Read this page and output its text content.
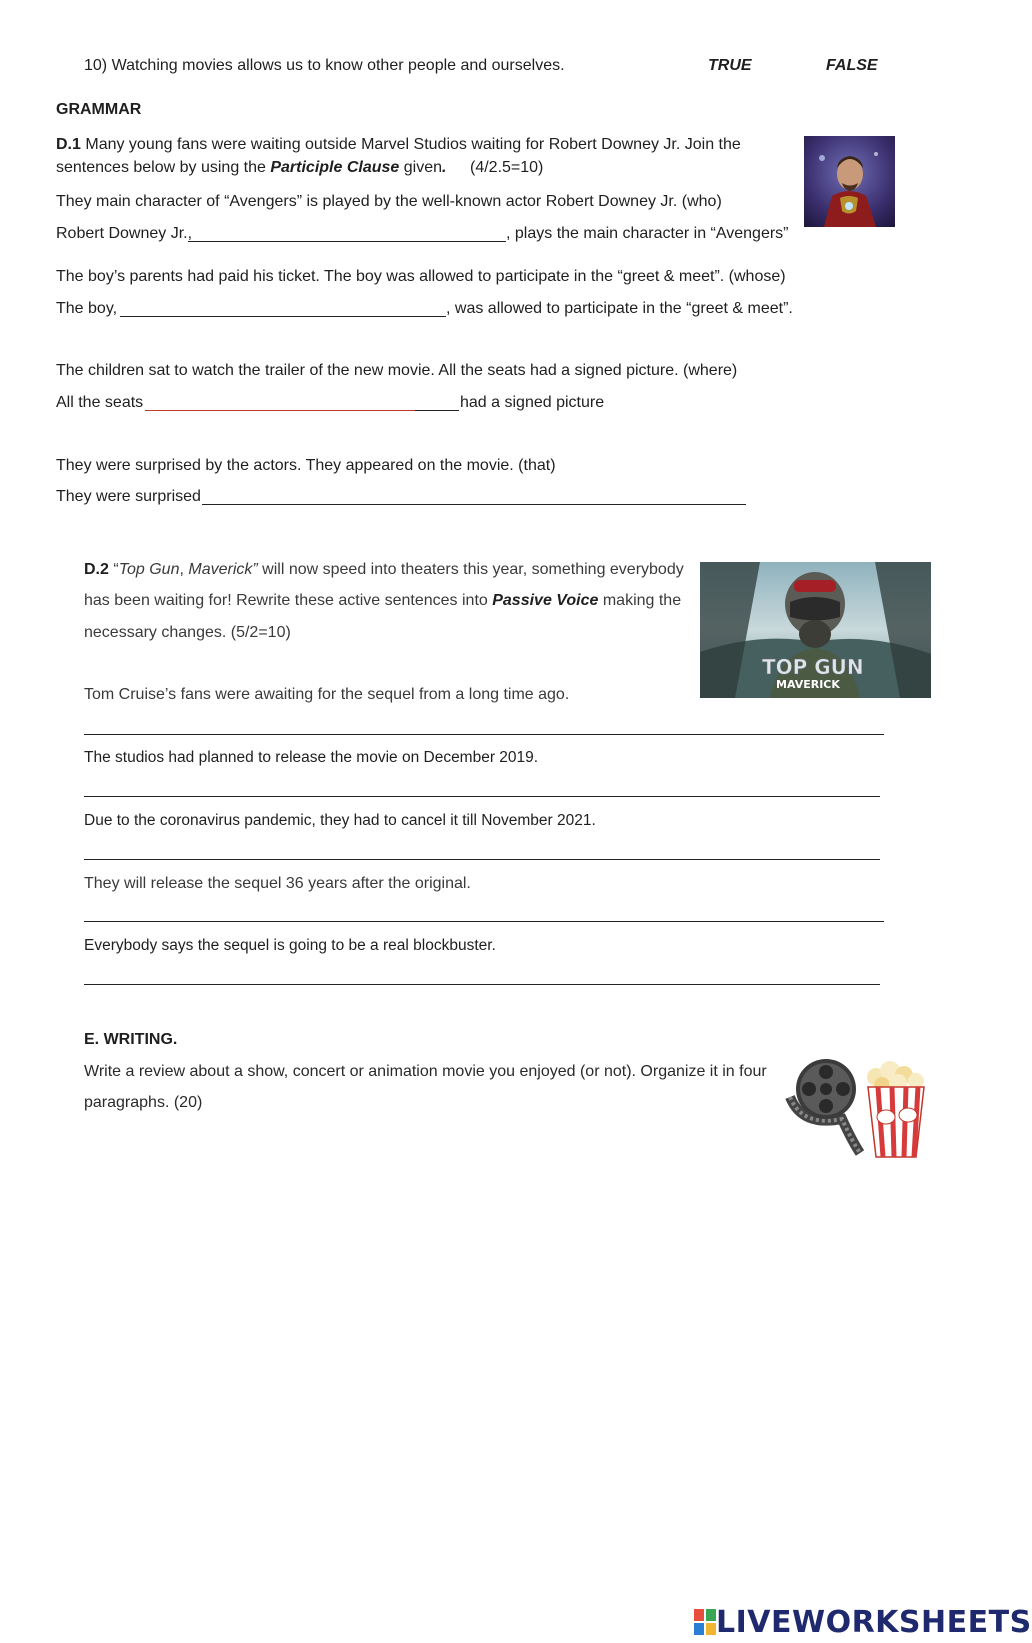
10) Watching movies allows us to know other people and ourselves.	TRUE	FALSE
GRAMMAR
D.1 Many young fans were waiting outside Marvel Studios waiting for Robert Downey Jr. Join the
sentences below by using the Participle Clause given. (4/2.5=10)
They main character of “Avengers” is played by the well-known actor Robert Downey Jr. (who)
Robert Downey Jr.,	, plays the main character in “Avengers”
The boy’s parents had paid his ticket. The boy was allowed to participate in the “greet & meet”. (whose)
The boy,	, was allowed to participate in the “greet & meet”.
The children sat to watch the trailer of the new movie. All the seats had a signed picture. (where)
All the seats	had a signed picture
They were surprised by the actors. They appeared on the movie. (that)
They were surprised
D.2 “Top Gun, Maverick” will now speed into theaters this year, something everybody
has been waiting for! Rewrite these active sentences into Passive Voice making the
necessary changes. (5/2=10)
TOP GUN
MAVERICK
Tom Cruise’s fans were awaiting for the sequel from a long time ago.
The studios had planned to release the movie on December 2019.
Due to the coronavirus pandemic, they had to cancel it till November 2021.
They will release the sequel 36 years after the original.
Everybody says the sequel is going to be a real blockbuster.
E. WRITING.
Write a review about a show, concert or animation movie you enjoyed (or not). Organize it in four
paragraphs. (20)
LIVEWORKSHEETS
